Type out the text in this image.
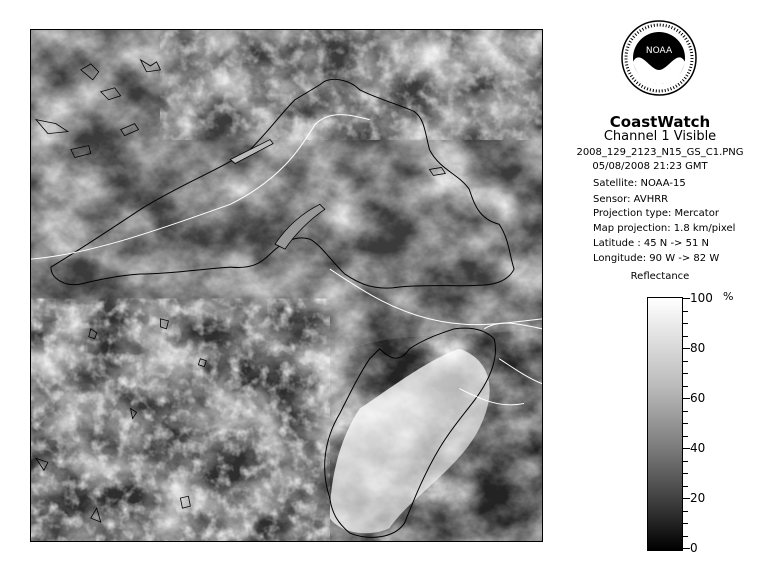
NOAA
CoastWatch
Channel 1 Visible
2008_129_2123_N15_GS_C1.PNG
05/08/2008 21:23 GMT
Satellite: NOAA-15
Sensor: AVHRR
Projection type: Mercator
Map projection: 1.8 km/pixel
Latitude : 45 N -> 51 N
Longitude: 90 W -> 82 W
Reflectance
%
100
80
60
40
20
0
